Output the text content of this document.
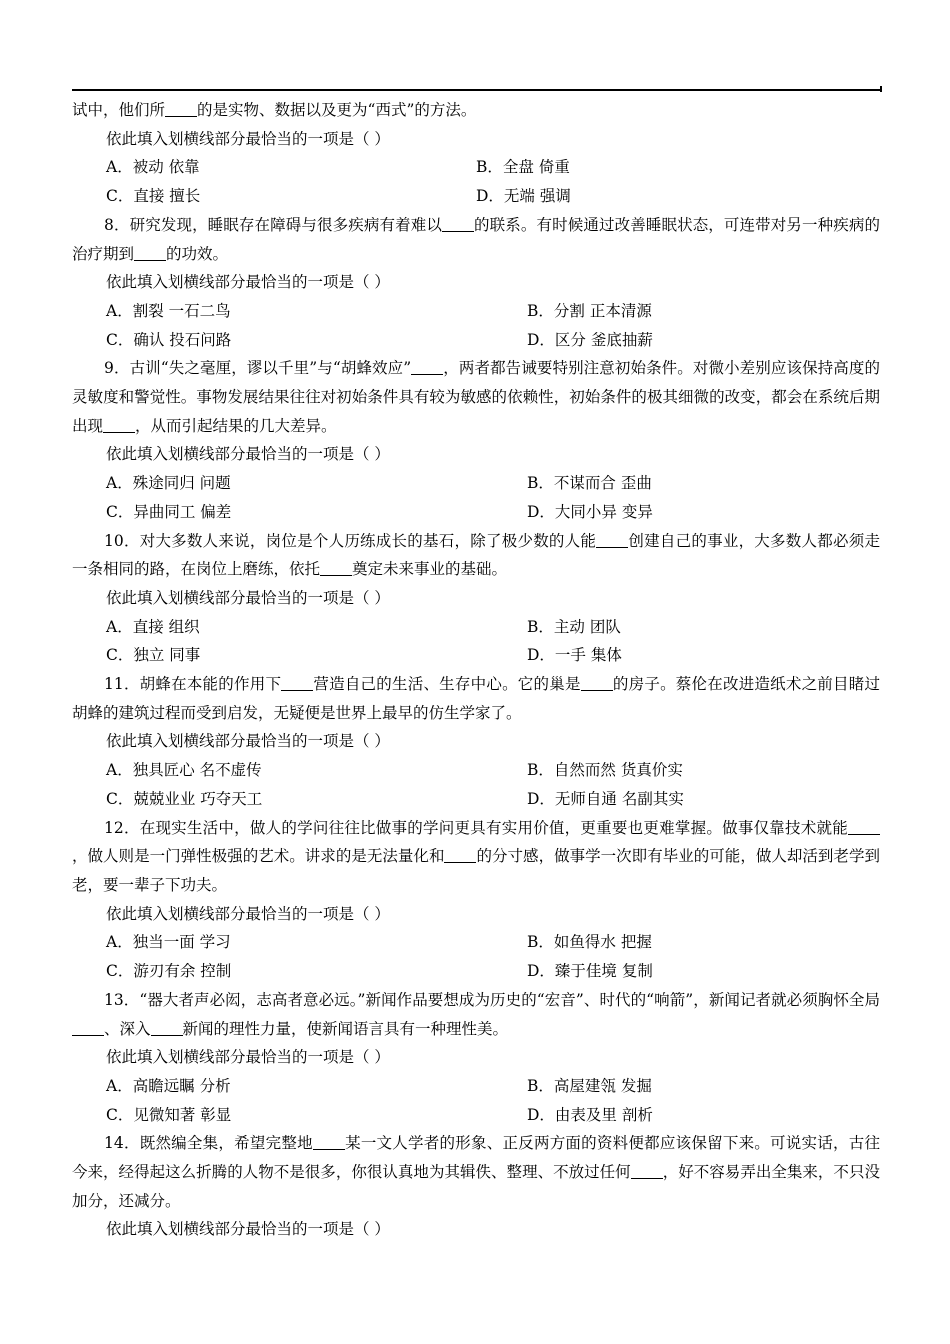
试中，他们所 的是实物、数据以及更为“西式”的方法。

依此填入划横线部分最恰当的一项是（ ）

A．被动 依靠	B．全盘 倚重
C．直接 擅长	D．无端 强调

8．研究发现，睡眠存在障碍与很多疾病有着难以 的联系。有时候通过改善睡眠状态，可连带对另一种疾病的治疗期到 的功效。

依此填入划横线部分最恰当的一项是（ ）

A．割裂 一石二鸟	B．分割 正本清源
C．确认 投石问路	D．区分 釜底抽薪

9．古训“失之毫厘，谬以千里”与“胡蜂效应” ，两者都告诫要特别注意初始条件。对微小差别应该保持高度的灵敏度和警觉性。事物发展结果往往对初始条件具有较为敏感的依赖性，初始条件的极其细微的改变，都会在系统后期出现 ，从而引起结果的几大差异。

依此填入划横线部分最恰当的一项是（ ）

A．殊途同归 问题	B．不谋而合 歪曲
C．异曲同工 偏差	D．大同小异 变异

10．对大多数人来说，岗位是个人历练成长的基石，除了极少数的人能 创建自己的事业，大多数人都必须走一条相同的路，在岗位上磨练，依托 奠定未来事业的基础。

依此填入划横线部分最恰当的一项是（ ）

A．直接 组织	B．主动 团队
C．独立 同事	D．一手 集体

11．胡蜂在本能的作用下 营造自己的生活、生存中心。它的巢是 的房子。蔡伦在改进造纸术之前目睹过胡蜂的建筑过程而受到启发，无疑便是世界上最早的仿生学家了。

依此填入划横线部分最恰当的一项是（ ）

A．独具匠心 名不虚传	B．自然而然 货真价实
C．兢兢业业 巧夺天工	D．无师自通 名副其实

12．在现实生活中，做人的学问往往比做事的学问更具有实用价值，更重要也更难掌握。做事仅靠技术就能，做人则是一门弹性极强的艺术。讲求的是无法量化和 的分寸感，做事学一次即有毕业的可能，做人却活到老学到老，要一辈子下功夫。

依此填入划横线部分最恰当的一项是（ ）

A．独当一面 学习	B．如鱼得水 把握
C．游刃有余 控制	D．臻于佳境 复制

13．“器大者声必闳，志高者意必远。”新闻作品要想成为历史的“宏音”、时代的“响箭”，新闻记者就必须胸怀全局、深入 新闻的理性力量，使新闻语言具有一种理性美。

依此填入划横线部分最恰当的一项是（ ）

A．高瞻远瞩 分析	B．高屋建瓴 发掘
C．见微知著 彰显	D．由表及里 剖析

14．既然编全集，希望完整地 某一文人学者的形象、正反两方面的资料便都应该保留下来。可说实话，古往今来，经得起这么折腾的人物不是很多，你很认真地为其辑佚、整理、不放过任何 ，好不容易弄出全集来，不只没加分，还减分。

依此填入划横线部分最恰当的一项是（ ）
